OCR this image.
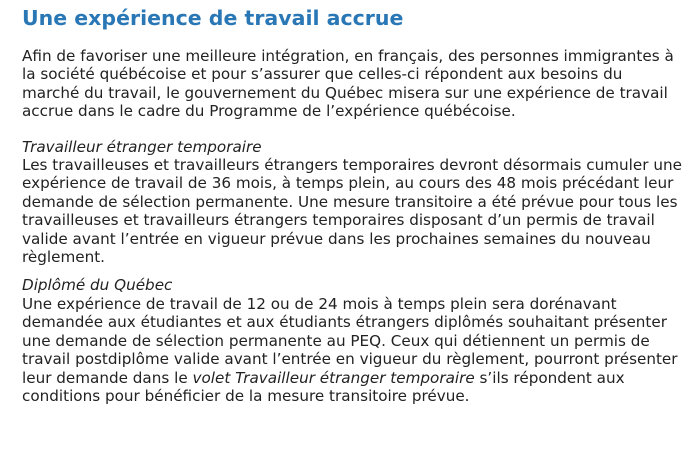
Une expérience de travail accrue

Afin de favoriser une meilleure intégration, en français, des personnes immigrantes à la société québécoise et pour s’assurer que celles-ci répondent aux besoins du marché du travail, le gouvernement du Québec misera sur une expérience de travail accrue dans le cadre du Programme de l’expérience québécoise.

Travailleur étranger temporaire
Les travailleuses et travailleurs étrangers temporaires devront désormais cumuler une expérience de travail de 36 mois, à temps plein, au cours des 48 mois précédant leur demande de sélection permanente. Une mesure transitoire a été prévue pour tous les travailleuses et travailleurs étrangers temporaires disposant d’un permis de travail valide avant l’entrée en vigueur prévue dans les prochaines semaines du nouveau règlement.
Diplômé du Québec
Une expérience de travail de 12 ou de 24 mois à temps plein sera dorénavant demandée aux étudiantes et aux étudiants étrangers diplômés souhaitant présenter une demande de sélection permanente au PEQ. Ceux qui détiennent un permis de travail postdiplôme valide avant l’entrée en vigueur du règlement, pourront présenter leur demande dans le volet Travailleur étranger temporaire s’ils répondent aux conditions pour bénéficier de la mesure transitoire prévue.
